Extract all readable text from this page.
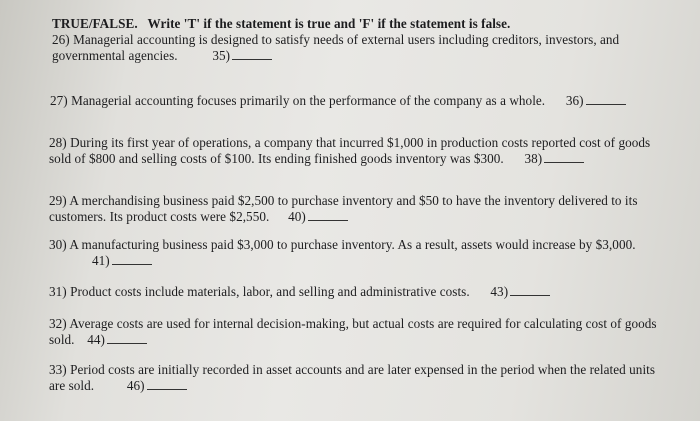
TRUE/FALSE. Write 'T' if the statement is true and 'F' if the statement is false.
26) Managerial accounting is designed to satisfy needs of external users including creditors, investors, and
governmental agencies.	35)
27) Managerial accounting focuses primarily on the performance of the company as a whole. 36)
28) During its first year of operations, a company that incurred $1,000 in production costs reported cost of goods
sold of $800 and selling costs of $100. Its ending finished goods inventory was $300. 38)
29) A merchandising business paid $2,500 to purchase inventory and $50 to have the inventory delivered to its
customers. Its product costs were $2,550. 40)
30) A manufacturing business paid $3,000 to purchase inventory. As a result, assets would increase by $3,000.
41)
31) Product costs include materials, labor, and selling and administrative costs. 43)
32) Average costs are used for internal decision-making, but actual costs are required for calculating cost of goods
sold. 44)
33) Period costs are initially recorded in asset accounts and are later expensed in the period when the related units
are sold. 46)
